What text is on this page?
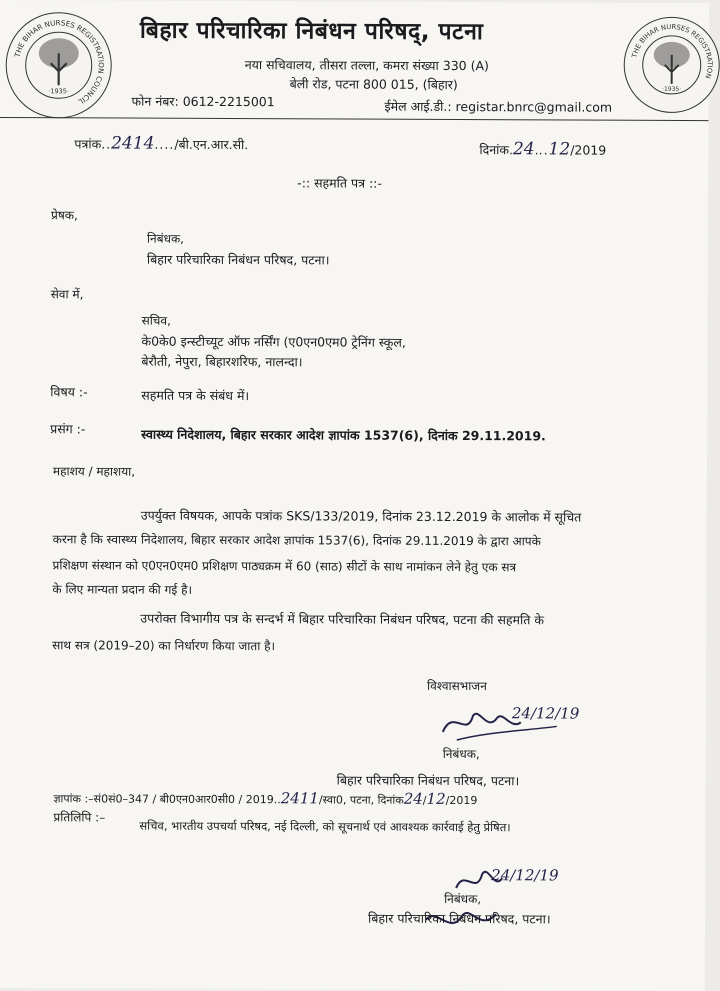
THE BIHAR NURSES REGISTRATION COUNCIL
·1935·
THE BIHAR NURSES REGISTRATION
·1935·
बिहार परिचारिका निबंधन परिषद्, पटना
नया सचिवालय, तीसरा तल्ला, कमरा संख्या 330 (A)
बेली रोड, पटना 800 015, (बिहार)
फोन नंबर: 0612-2215001	ईमेल आई.डी.: registar.bnrc@gmail.com
पत्रांक..2414..../बी.एन.आर.सी.	दिनांक.24...12/2019
-:: सहमति पत्र ::-
प्रेषक,
निबंधक,
बिहार परिचारिका निबंधन परिषद, पटना।
सेवा में,
सचिव,
के0के0 इन्स्टीच्यूट ऑफ नर्सिंग (ए0एन0एम0 ट्रेनिंग स्कूल,
बेरौती, नेपुरा, बिहारशरिफ, नालन्दा।
विषय :-	सहमति पत्र के संबंध में।
प्रसंग :-	स्वास्थ्य निदेशालय, बिहार सरकार आदेश ज्ञापांक 1537(6), दिनांक 29.11.2019.
महाशय / महाशया,
उपर्युक्त विषयक, आपके पत्रांक SKS/133/2019, दिनांक 23.12.2019 के आलोक में सूचित
करना है कि स्वास्थ्य निदेशालय, बिहार सरकार आदेश ज्ञापांक 1537(6), दिनांक 29.11.2019 के द्वारा आपके
प्रशिक्षण संस्थान को ए0एन0एम0 प्रशिक्षण पाठ्यक्रम में 60 (साठ) सीटों के साथ नामांकन लेने हेतु एक सत्र
के लिए मान्यता प्रदान की गई है।
उपरोक्त विभागीय पत्र के सन्दर्भ में बिहार परिचारिका निबंधन परिषद, पटना की सहमति के
साथ सत्र (2019–20) का निर्धारण किया जाता है।
विश्वासभाजन
24/12/19
निबंधक,
बिहार परिचारिका निबंधन परिषद, पटना।
ज्ञापांक :–सं0सं0–347 / बी0एन0आर0सी0 / 2019..2411/स्वा0, पटना, दिनांक24/12/2019
प्रतिलिपि :–
सचिव, भारतीय उपचर्या परिषद, नई दिल्ली, को सूचनार्थ एवं आवश्यक कार्रवाई हेतु प्रेषित।
24/12/19
निबंधक,
बिहार परिचारिका निबंधन परिषद, पटना।
